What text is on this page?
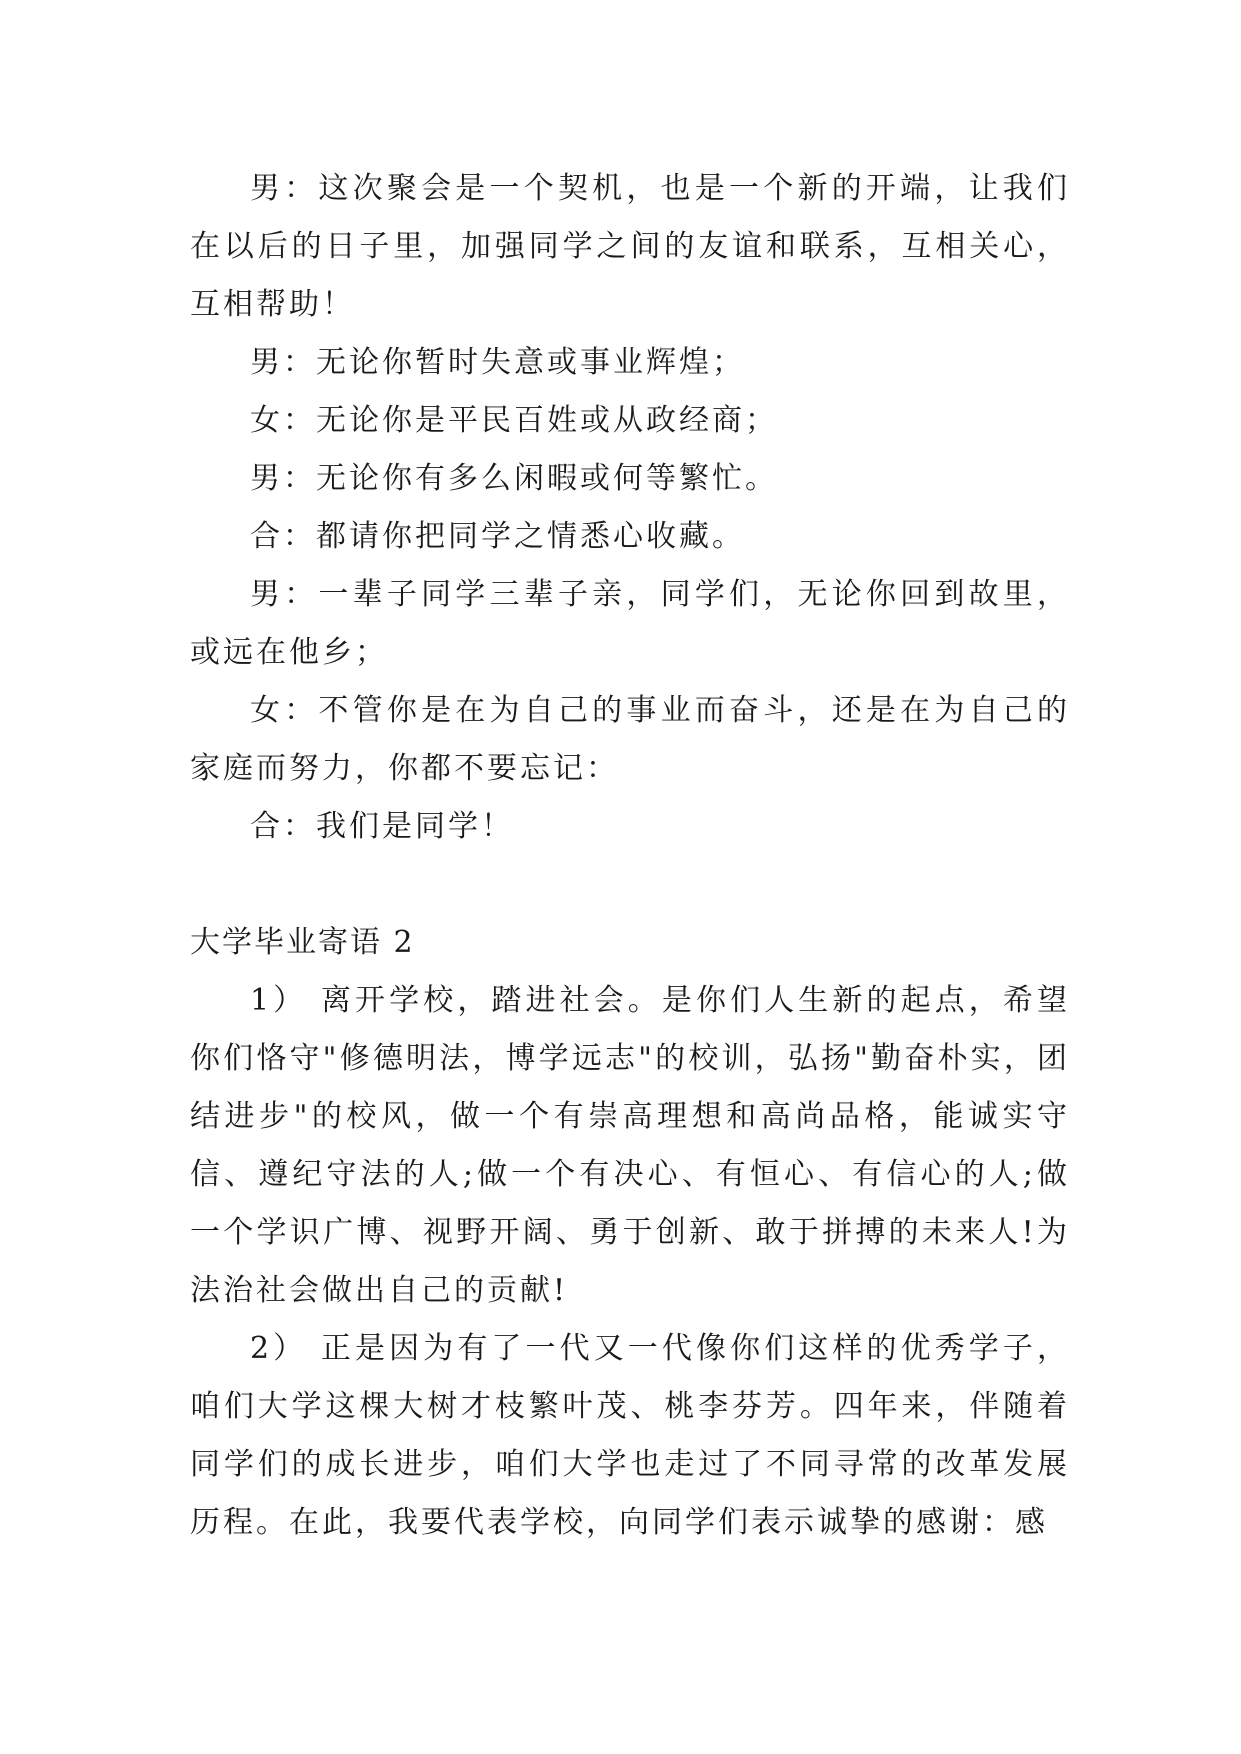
男：这次聚会是一个契机，也是一个新的开端，让我们在以后的日子里，加强同学之间的友谊和联系，互相关心，互相帮助！

男：无论你暂时失意或事业辉煌；

女：无论你是平民百姓或从政经商；

男：无论你有多么闲暇或何等繁忙。

合：都请你把同学之情悉心收藏。

男：一辈子同学三辈子亲，同学们，无论你回到故里，或远在他乡；

女：不管你是在为自己的事业而奋斗，还是在为自己的家庭而努力，你都不要忘记：

合：我们是同学！

大学毕业寄语 2

1） 离开学校，踏进社会。是你们人生新的起点，希望你们恪守"修德明法，博学远志"的校训，弘扬"勤奋朴实，团结进步"的校风，做一个有崇高理想和高尚品格，能诚实守信、遵纪守法的人;做一个有决心、有恒心、有信心的人;做一个学识广博、视野开阔、勇于创新、敢于拼搏的未来人!为法治社会做出自己的贡献!

2） 正是因为有了一代又一代像你们这样的优秀学子，咱们大学这棵大树才枝繁叶茂、桃李芬芳。四年来，伴随着同学们的成长进步，咱们大学也走过了不同寻常的改革发展历程。在此，我要代表学校，向同学们表示诚挚的感谢：感
